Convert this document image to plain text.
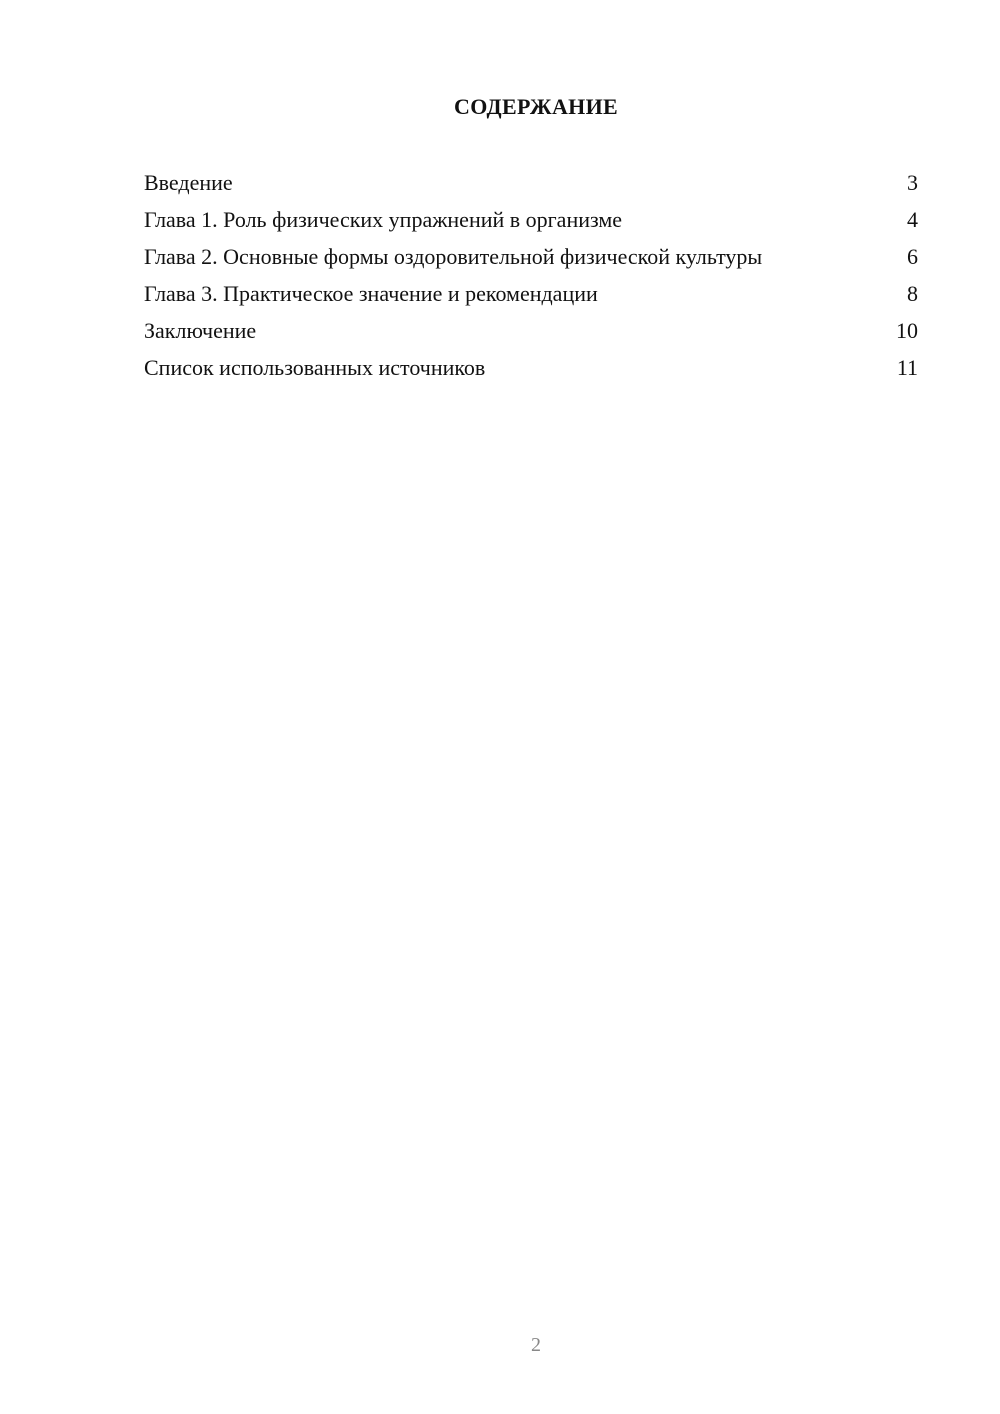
СОДЕРЖАНИЕ
Введение	3
Глава 1. Роль физических упражнений в организме	4
Глава 2. Основные формы оздоровительной физической культуры	6
Глава 3. Практическое значение и рекомендации	8
Заключение	10
Список использованных источников	11
2
